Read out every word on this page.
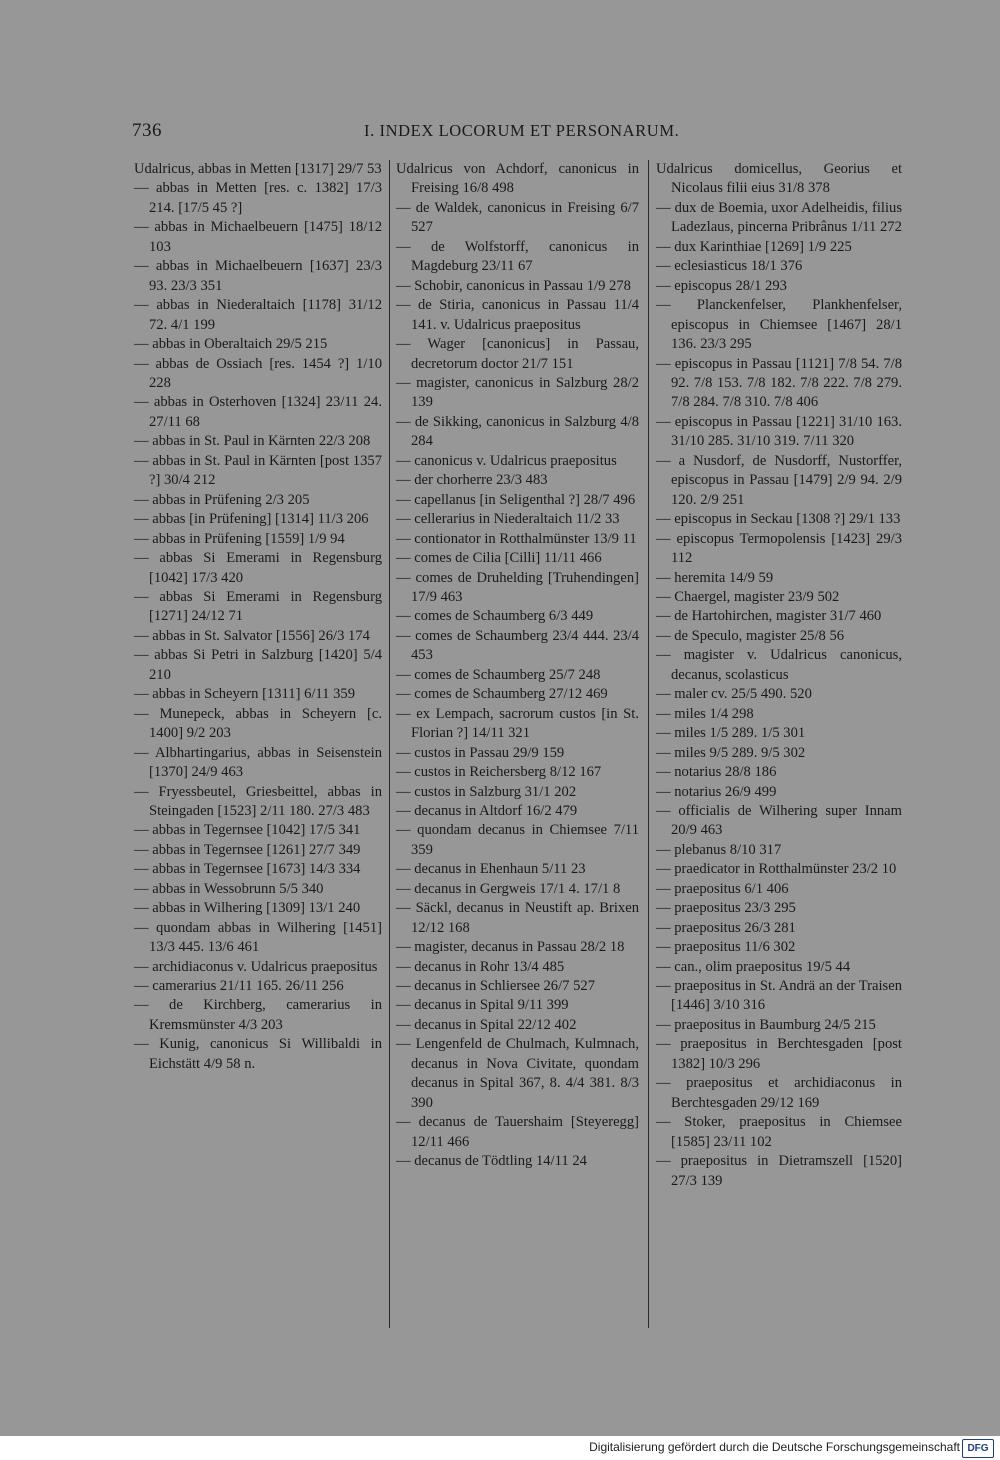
736	I. INDEX LOCORUM ET PERSONARUM.

Udalricus, abbas in Metten [1317] 29/7 53

— abbas in Metten [res. c. 1382] 17/3 214. [17/5 45 ?]

— abbas in Michaelbeuern [1475] 18/12 103

— abbas in Michaelbeuern [1637] 23/3 93. 23/3 351

— abbas in Niederaltaich [1178] 31/12 72. 4/1 199

— abbas in Oberaltaich 29/5 215

— abbas de Ossiach [res. 1454 ?] 1/10 228

— abbas in Osterhoven [1324] 23/11 24. 27/11 68

— abbas in St. Paul in Kärnten 22/3 208

— abbas in St. Paul in Kärnten [post 1357 ?] 30/4 212

— abbas in Prüfening 2/3 205

— abbas [in Prüfening] [1314] 11/3 206

— abbas in Prüfening [1559] 1/9 94

— abbas Si Emerami in Regensburg [1042] 17/3 420

— abbas Si Emerami in Regensburg [1271] 24/12 71

— abbas in St. Salvator [1556] 26/3 174

— abbas Si Petri in Salzburg [1420] 5/4 210

— abbas in Scheyern [1311] 6/11 359

— Munepeck, abbas in Scheyern [c. 1400] 9/2 203

— Albhartingarius, abbas in Seisenstein [1370] 24/9 463

— Fryessbeutel, Griesbeittel, abbas in Steingaden [1523] 2/11 180. 27/3 483

— abbas in Tegernsee [1042] 17/5 341

— abbas in Tegernsee [1261] 27/7 349

— abbas in Tegernsee [1673] 14/3 334

— abbas in Wessobrunn 5/5 340

— abbas in Wilhering [1309] 13/1 240

— quondam abbas in Wilhering [1451] 13/3 445. 13/6 461

— archidiaconus v. Udalricus praepositus

— camerarius 21/11 165. 26/11 256

— de Kirchberg, camerarius in Kremsmünster 4/3 203

— Kunig, canonicus Si Willibaldi in Eichstätt 4/9 58 n.

Udalricus von Achdorf, canonicus in Freising 16/8 498

— de Waldek, canonicus in Freising 6/7 527

— de Wolfstorff, canonicus in Magdeburg 23/11 67

— Schobir, canonicus in Passau 1/9 278

— de Stiria, canonicus in Passau 11/4 141. v. Udalricus praepositus

— Wager [canonicus] in Passau, decretorum doctor 21/7 151

— magister, canonicus in Salzburg 28/2 139

— de Sikking, canonicus in Salzburg 4/8 284

— canonicus v. Udalricus praepositus

— der chorherre 23/3 483

— capellanus [in Seligenthal ?] 28/7 496

— cellerarius in Niederaltaich 11/2 33

— contionator in Rotthalmünster 13/9 11

— comes de Cilia [Cilli] 11/11 466

— comes de Druhelding [Truhendingen] 17/9 463

— comes de Schaumberg 6/3 449

— comes de Schaumberg 23/4 444. 23/4 453

— comes de Schaumberg 25/7 248

— comes de Schaumberg 27/12 469

— ex Lempach, sacrorum custos [in St. Florian ?] 14/11 321

— custos in Passau 29/9 159

— custos in Reichersberg 8/12 167

— custos in Salzburg 31/1 202

— decanus in Altdorf 16/2 479

— quondam decanus in Chiemsee 7/11 359

— decanus in Ehenhaun 5/11 23

— decanus in Gergweis 17/1 4. 17/1 8

— Säckl, decanus in Neustift ap. Brixen 12/12 168

— magister, decanus in Passau 28/2 18

— decanus in Rohr 13/4 485

— decanus in Schliersee 26/7 527

— decanus in Spital 9/11 399

— decanus in Spital 22/12 402

— Lengenfeld de Chulmach, Kulmnach, decanus in Nova Civitate, quondam decanus in Spital 367, 8. 4/4 381. 8/3 390

— decanus de Tauershaim [Steyeregg] 12/11 466

— decanus de Tödtling 14/11 24

Udalricus domicellus, Georius et Nicolaus filii eius 31/8 378

— dux de Boemia, uxor Adelheidis, filius Ladezlaus, pincerna Pribrânus 1/11 272

— dux Karinthiae [1269] 1/9 225

— eclesiasticus 18/1 376

— episcopus 28/1 293

— Planckenfelser, Plankhenfelser, episcopus in Chiemsee [1467] 28/1 136. 23/3 295

— episcopus in Passau [1121] 7/8 54. 7/8 92. 7/8 153. 7/8 182. 7/8 222. 7/8 279. 7/8 284. 7/8 310. 7/8 406

— episcopus in Passau [1221] 31/10 163. 31/10 285. 31/10 319. 7/11 320

— a Nusdorf, de Nusdorff, Nustorffer, episcopus in Passau [1479] 2/9 94. 2/9 120. 2/9 251

— episcopus in Seckau [1308 ?] 29/1 133

— episcopus Termopolensis [1423] 29/3 112

— heremita 14/9 59

— Chaergel, magister 23/9 502

— de Hartohirchen, magister 31/7 460

— de Speculo, magister 25/8 56

— magister v. Udalricus canonicus, decanus, scolasticus

— maler cv. 25/5 490. 520

— miles 1/4 298

— miles 1/5 289. 1/5 301

— miles 9/5 289. 9/5 302

— notarius 28/8 186

— notarius 26/9 499

— officialis de Wilhering super Innam 20/9 463

— plebanus 8/10 317

— praedicator in Rotthalmünster 23/2 10

— praepositus 6/1 406

— praepositus 23/3 295

— praepositus 26/3 281

— praepositus 11/6 302

— can., olim praepositus 19/5 44

— praepositus in St. Andrä an der Traisen [1446] 3/10 316

— praepositus in Baumburg 24/5 215

— praepositus in Berchtesgaden [post 1382] 10/3 296

— praepositus et archidiaconus in Berchtesgaden 29/12 169

— Stoker, praepositus in Chiemsee [1585] 23/11 102

— praepositus in Dietramszell [1520] 27/3 139

Digitalisierung gefördert durch die Deutsche Forschungsgemeinschaft DFG
